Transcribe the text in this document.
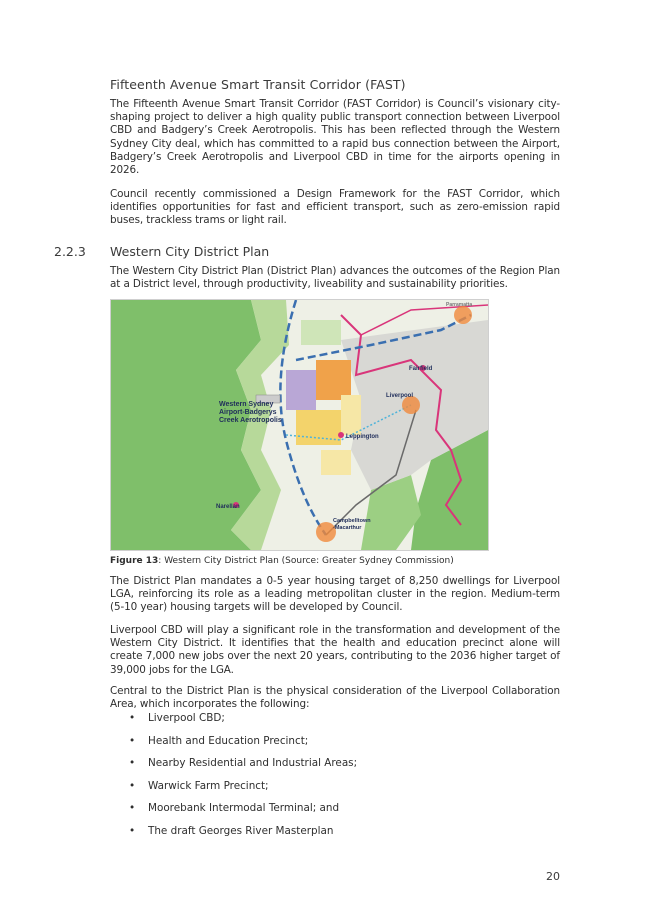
Fifteenth Avenue Smart Transit Corridor (FAST)
The Fifteenth Avenue Smart Transit Corridor (FAST Corridor) is Council’s visionary city-shaping project to deliver a high quality public transport connection between Liverpool CBD and Badgery’s Creek Aerotropolis. This has been reflected through the Western Sydney City deal, which has committed to a rapid bus connection between the Airport, Badgery’s Creek Aerotropolis and Liverpool CBD in time for the airports opening in 2026.
Council recently commissioned a Design Framework for the FAST Corridor, which identifies opportunities for fast and efficient transport, such as zero-emission rapid buses, trackless trams or light rail.
2.2.3 Western City District Plan
The Western City District Plan (District Plan) advances the outcomes of the Region Plan at a District level, through productivity, liveability and sustainability priorities.
Western Sydney
Airport-Badgerys
Creek Aerotropolis
Liverpool
Fairfield
Leppington
Narellan
Campbelltown
-Macarthur
Parramatta
Figure 13: Western City District Plan (Source: Greater Sydney Commission)
The District Plan mandates a 0-5 year housing target of 8,250 dwellings for Liverpool LGA, reinforcing its role as a leading metropolitan cluster in the region. Medium-term (5-10 year) housing targets will be developed by Council.
Liverpool CBD will play a significant role in the transformation and development of the Western City District. It identifies that the health and education precinct alone will create 7,000 new jobs over the next 20 years, contributing to the 2036 higher target of 39,000 jobs for the LGA.
Central to the District Plan is the physical consideration of the Liverpool Collaboration Area, which incorporates the following:
• Liverpool CBD;
• Health and Education Precinct;
• Nearby Residential and Industrial Areas;
• Warwick Farm Precinct;
• Moorebank Intermodal Terminal; and
• The draft Georges River Masterplan
20
